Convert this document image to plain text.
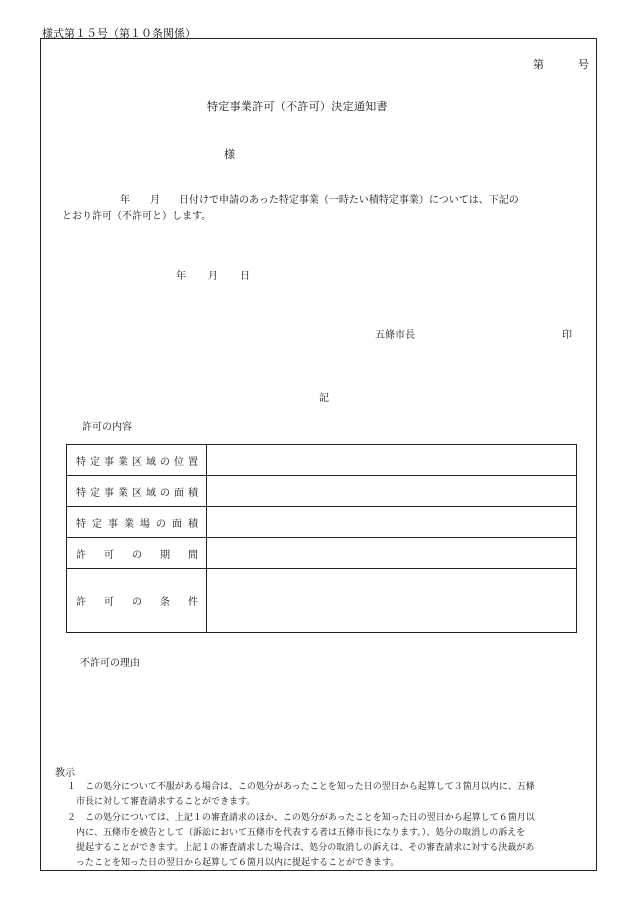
様式第１５号（第１０条関係）
第	号
特定事業許可（不許可）決定通知書
様
年 月 日付けで申請のあった特定事業（一時たい積特定事業）については、下記の
とおり許可（不許可と）します。
年 月 日
五條市長	印
記
許可の内容
特定事業区域の位置	
特定事業区域の面積	
特定事業場の面積	
許可の期間	
許可の条件	
不許可の理由
教示
１　この処分について不服がある場合は、この処分があったことを知った日の翌日から起算して３箇月以内に、五條
市長に対して審査請求することができます。
２　この処分については、上記１の審査請求のほか、この処分があったことを知った日の翌日から起算して６箇月以
内に、五條市を被告として（訴訟において五條市を代表する者は五條市長になります。）、処分の取消しの訴えを
提起することができます。上記１の審査請求した場合は、処分の取消しの訴えは、その審査請求に対する決裁があ
ったことを知った日の翌日から起算して６箇月以内に提起することができます。
